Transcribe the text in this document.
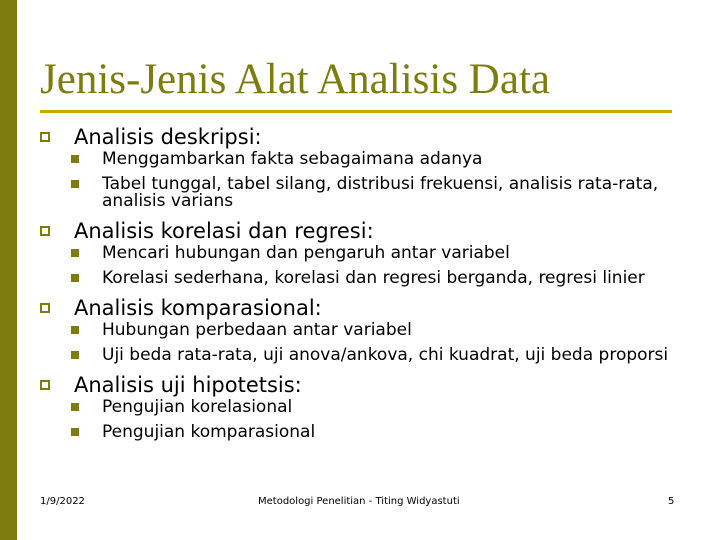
Jenis-Jenis Alat Analisis Data
Analisis deskripsi:
Menggambarkan fakta sebagaimana adanya
Tabel tunggal, tabel silang, distribusi frekuensi, analisis rata-rata, analisis varians
Analisis korelasi dan regresi:
Mencari hubungan dan pengaruh antar variabel
Korelasi sederhana, korelasi dan regresi berganda, regresi linier
Analisis komparasional:
Hubungan perbedaan antar variabel
Uji beda rata-rata, uji anova/ankova, chi kuadrat, uji beda proporsi
Analisis uji hipotetsis:
Pengujian korelasional
Pengujian komparasional
1/9/2022	Metodologi Penelitian - Titing Widyastuti	5
